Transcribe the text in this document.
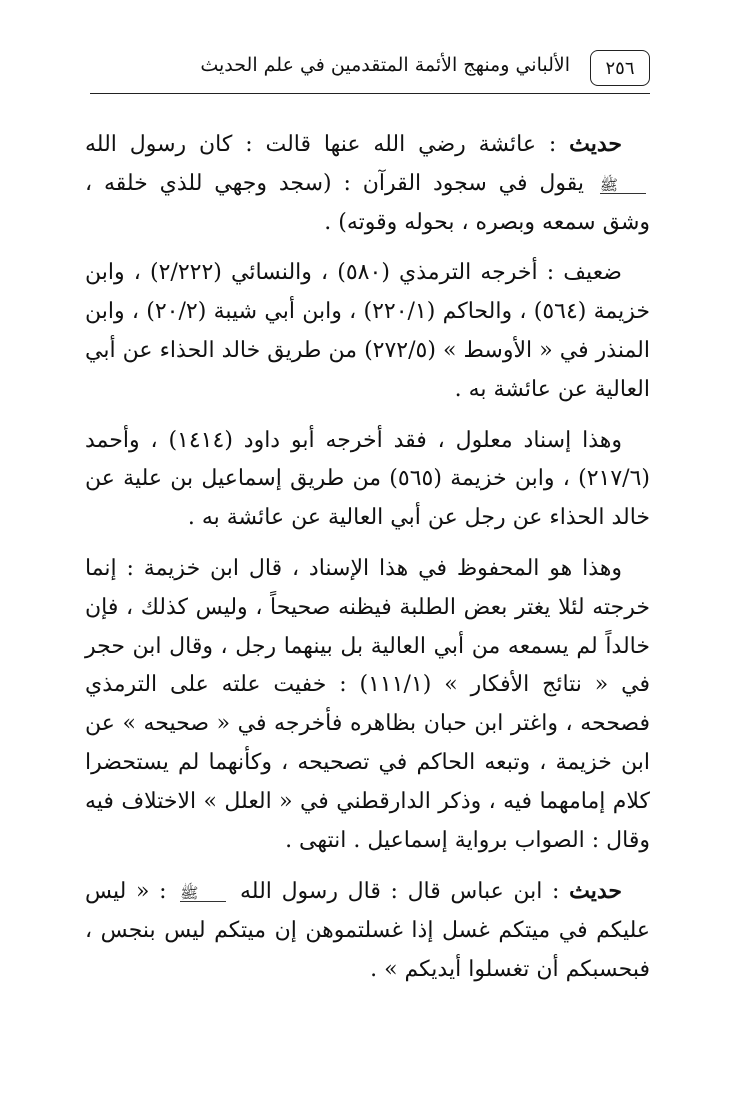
٢٥٦
الألباني ومنهج الأئمة المتقدمين في علم الحديث

حديث : عائشة رضي الله عنها قالت : كان رسول الله ﷺ يقول في سجود القرآن : (سجد وجهي للذي خلقه ، وشق سمعه وبصره ، بحوله وقوته) .

ضعيف : أخرجه الترمذي (٥٨٠) ، والنسائي (٢/٢٢٢) ، وابن خزيمة (٥٦٤) ، والحاكم (٢٢٠/١) ، وابن أبي شيبة (٢٠/٢) ، وابن المنذر في « الأوسط » (٢٧٢/٥) من طريق خالد الحذاء عن أبي العالية عن عائشة به .

وهذا إسناد معلول ، فقد أخرجه أبو داود (١٤١٤) ، وأحمد (٢١٧/٦) ، وابن خزيمة (٥٦٥) من طريق إسماعيل بن علية عن خالد الحذاء عن رجل عن أبي العالية عن عائشة به .

وهذا هو المحفوظ في هذا الإسناد ، قال ابن خزيمة : إنما خرجته لئلا يغتر بعض الطلبة فيظنه صحيحاً ، وليس كذلك ، فإن خالداً لم يسمعه من أبي العالية بل بينهما رجل ، وقال ابن حجر في « نتائج الأفكار » (١١١/١) : خفيت علته على الترمذي فصححه ، واغتر ابن حبان بظاهره فأخرجه في « صحيحه » عن ابن خزيمة ، وتبعه الحاكم في تصحيحه ، وكأنهما لم يستحضرا كلام إمامهما فيه ، وذكر الدارقطني في « العلل » الاختلاف فيه وقال : الصواب برواية إسماعيل . انتهى .

حديث : ابن عباس قال : قال رسول الله ﷺ : « ليس عليكم في ميتكم غسل إذا غسلتموهن إن ميتكم ليس بنجس ، فبحسبكم أن تغسلوا أيديكم » .
